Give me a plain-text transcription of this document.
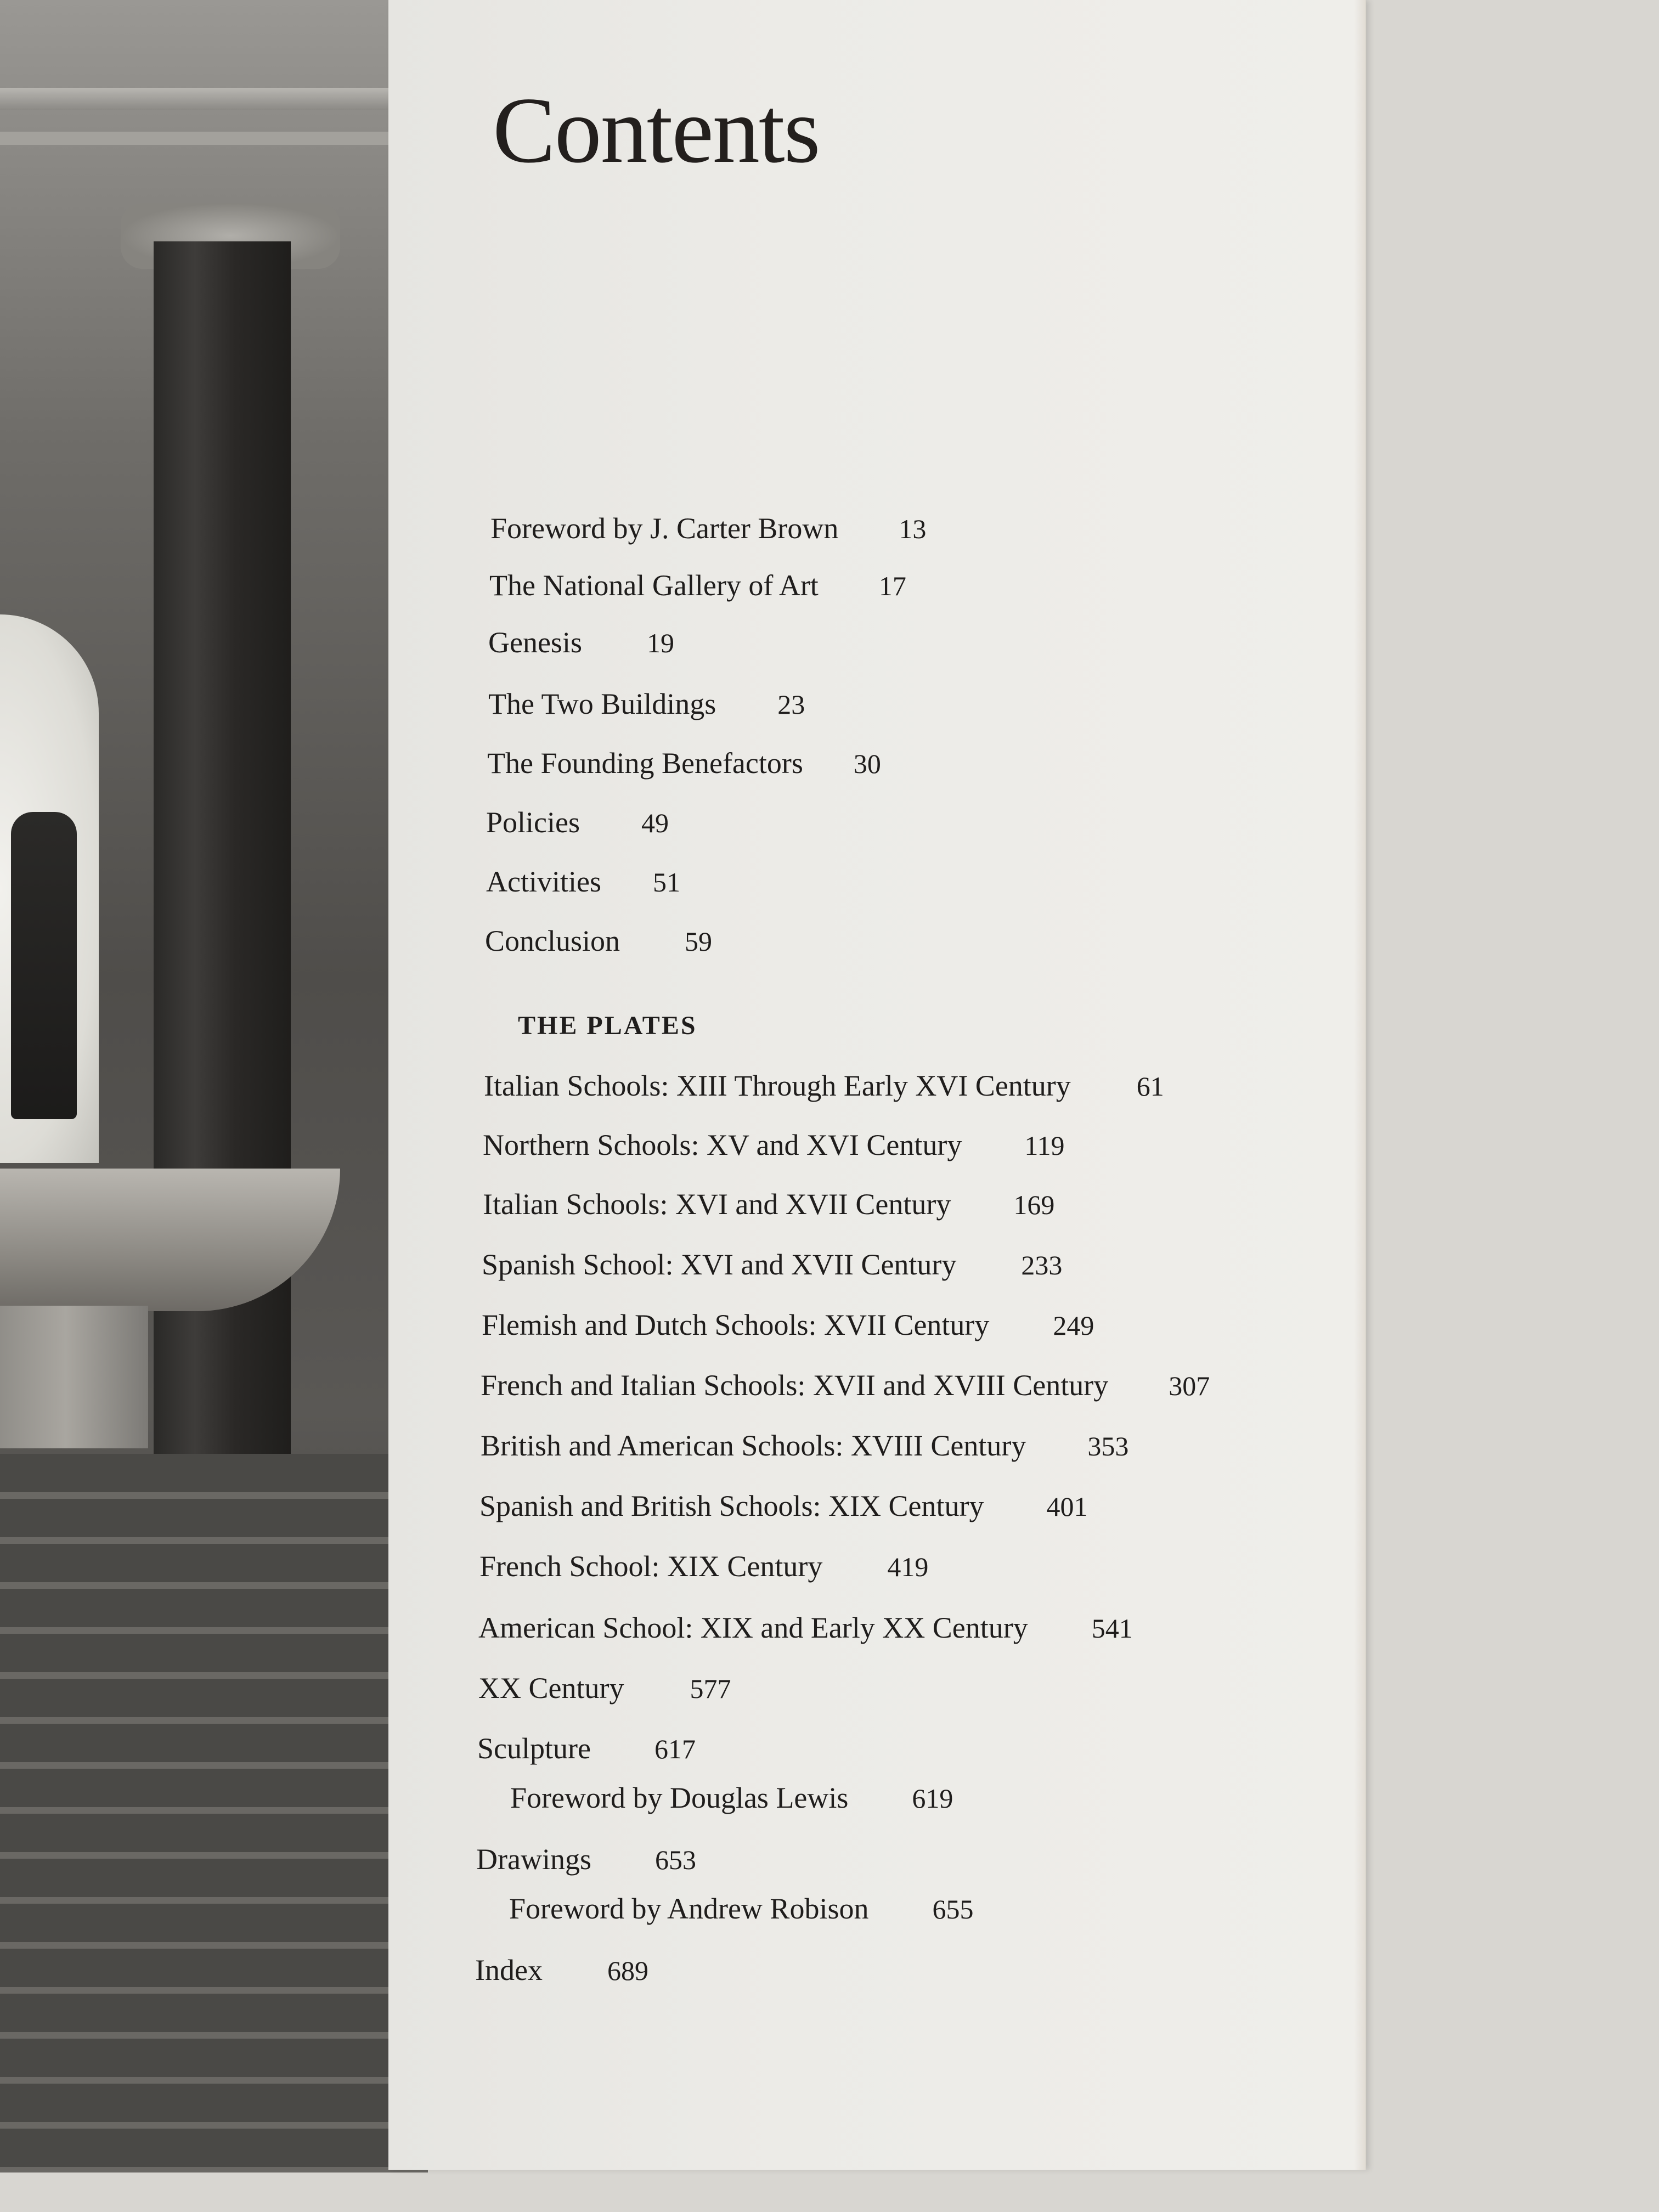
Contents
Foreword by J. Carter Brown 13
The National Gallery of Art 17
Genesis 19
The Two Buildings 23
The Founding Benefactors 30
Policies 49
Activities 51
Conclusion 59
THE PLATES
Italian Schools: XIII Through Early XVI Century 61
Northern Schools: XV and XVI Century 119
Italian Schools: XVI and XVII Century 169
Spanish School: XVI and XVII Century 233
Flemish and Dutch Schools: XVII Century 249
French and Italian Schools: XVII and XVIII Century 307
British and American Schools: XVIII Century 353
Spanish and British Schools: XIX Century 401
French School: XIX Century 419
American School: XIX and Early XX Century 541
XX Century 577
Sculpture 617
Foreword by Douglas Lewis 619
Drawings 653
Foreword by Andrew Robison 655
Index 689
